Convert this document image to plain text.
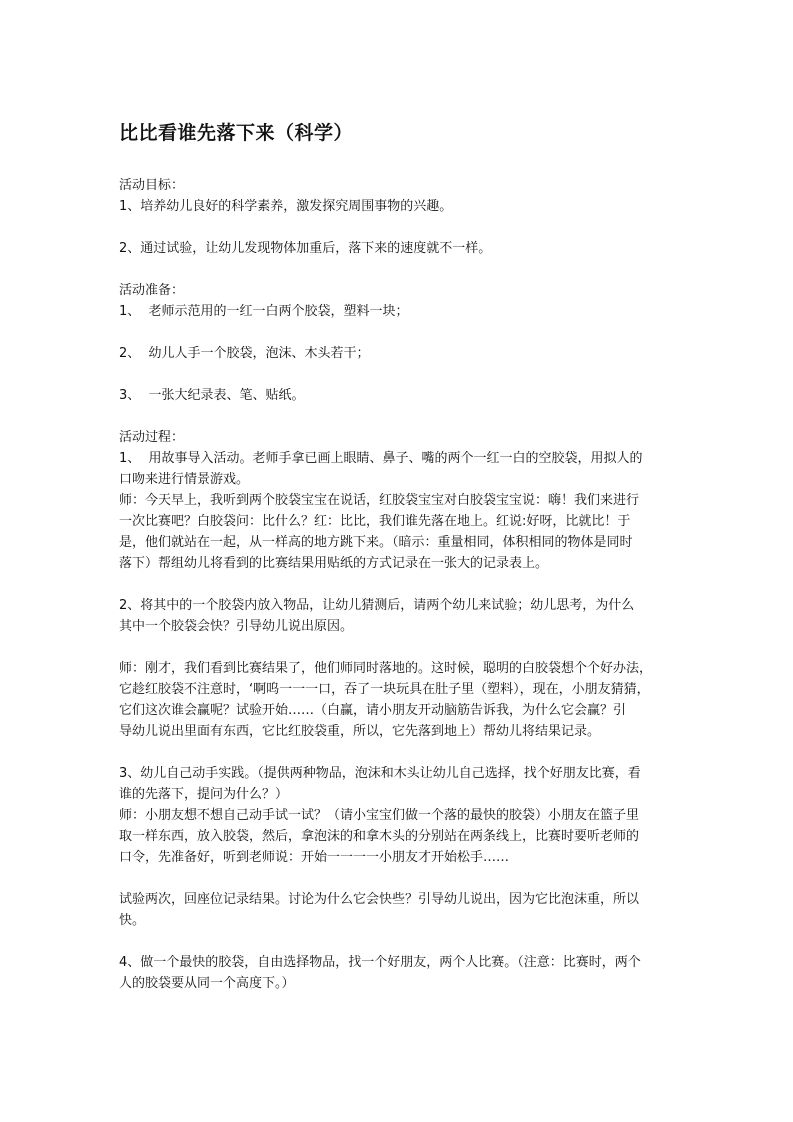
比比看谁先落下来（科学）

活动目标：

1、培养幼儿良好的科学素养，激发探究周围事物的兴趣。

2、通过试验，让幼儿发现物体加重后，落下来的速度就不一样。

活动准备：

1、  老师示范用的一红一白两个胶袋，塑料一块；

2、  幼儿人手一个胶袋，泡沫、木头若干；

3、  一张大纪录表、笔、贴纸。

活动过程：

1、  用故事导入活动。老师手拿已画上眼睛、鼻子、嘴的两个一红一白的空胶袋，用拟人的

口吻来进行情景游戏。

师：今天早上，我听到两个胶袋宝宝在说话，红胶袋宝宝对白胶袋宝宝说：嗨！我们来进行

一次比赛吧？白胶袋问：比什么？红：比比，我们谁先落在地上。红说:好呀，比就比！于

是，他们就站在一起，从一样高的地方跳下来。（暗示：重量相同，体积相同的物体是同时

落下）帮组幼儿将看到的比赛结果用贴纸的方式记录在一张大的记录表上。

2、将其中的一个胶袋内放入物品，让幼儿猜测后，请两个幼儿来试验；幼儿思考，为什么

其中一个胶袋会快？引导幼儿说出原因。

师：刚才，我们看到比赛结果了，他们师同时落地的。这时候，聪明的白胶袋想个个好办法，

它趁红胶袋不注意时，‘啊呜一一一口，吞了一块玩具在肚子里（塑料），现在，小朋友猜猜，

它们这次谁会赢呢？试验开始……（白赢，请小朋友开动脑筋告诉我，为什么它会赢？引

导幼儿说出里面有东西，它比红胶袋重，所以，它先落到地上）帮幼儿将结果记录。

3、幼儿自己动手实践。（提供两种物品，泡沫和木头让幼儿自己选择，找个好朋友比赛，看

谁的先落下，提问为什么？）

师：小朋友想不想自己动手试一试？（请小宝宝们做一个落的最快的胶袋）小朋友在篮子里

取一样东西，放入胶袋，然后，拿泡沫的和拿木头的分别站在两条线上，比赛时要听老师的

口令，先准备好，听到老师说：开始一一一一小朋友才开始松手……

试验两次，回座位记录结果。讨论为什么它会快些？引导幼儿说出，因为它比泡沫重，所以

快。

4、做一个最快的胶袋，自由选择物品，找一个好朋友，两个人比赛。（注意：比赛时，两个

人的胶袋要从同一个高度下。）
